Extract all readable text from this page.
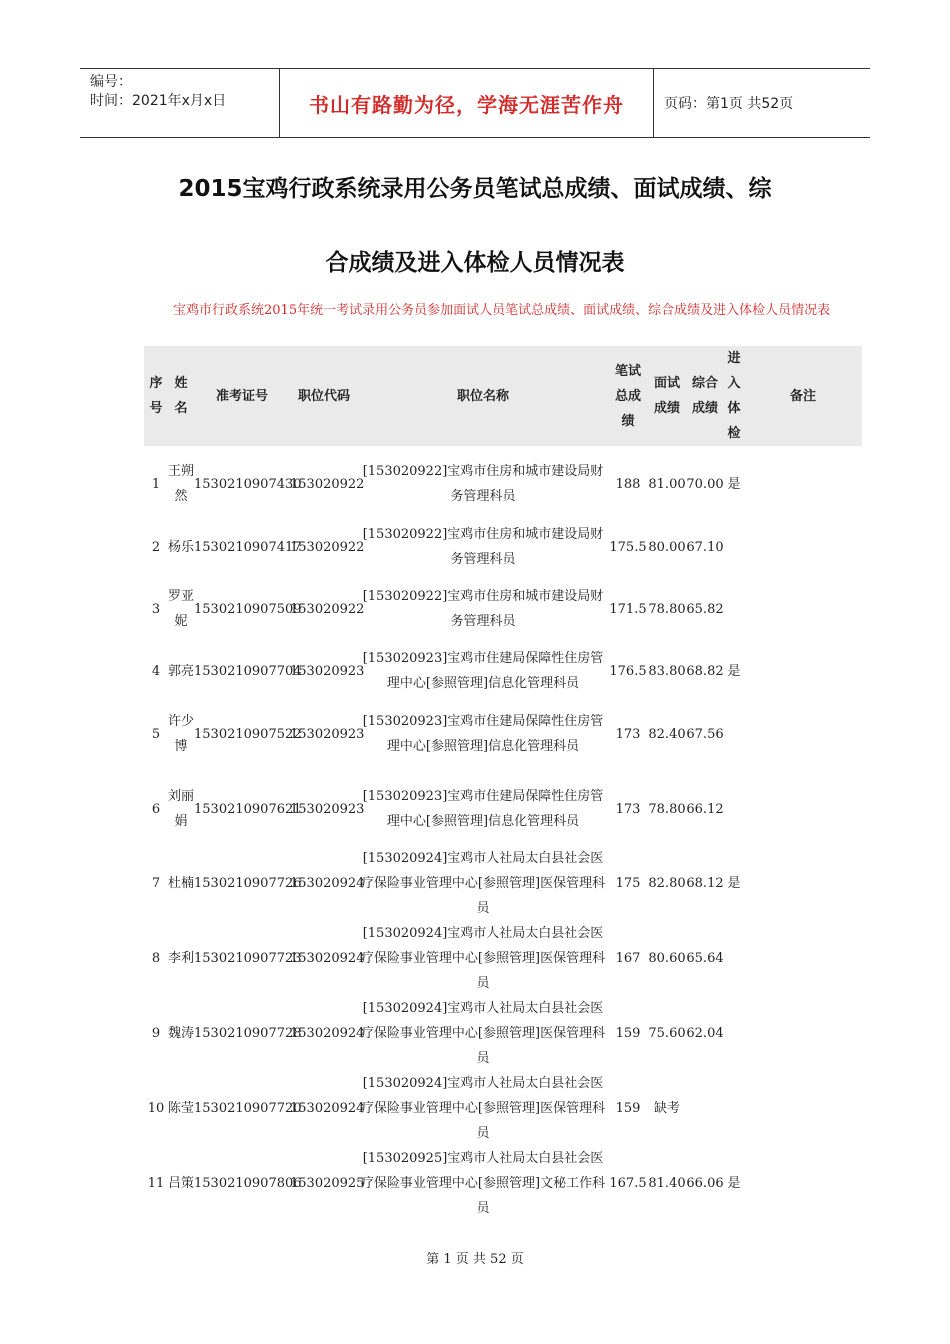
编号：
时间：2021年x月x日	书山有路勤为径，学海无涯苦作舟	页码：第1页 共52页
2015宝鸡行政系统录用公务员笔试总成绩、面试成绩、综
合成绩及进入体检人员情况表
宝鸡市行政系统2015年统一考试录用公务员参加面试人员笔试总成绩、面试成绩、综合成绩及进入体检人员情况表
序号	姓名	准考证号	职位代码	职位名称	笔试总成绩	面试成绩	综合成绩	进入体检	备注
1	王朔然	1530210907430	153020922	[153020922]宝鸡市住房和城市建设局财务管理科员	188	81.00	70.00	是	
2	杨乐	1530210907417	153020922	[153020922]宝鸡市住房和城市建设局财务管理科员	175.5	80.00	67.10		
3	罗亚妮	1530210907509	153020922	[153020922]宝鸡市住房和城市建设局财务管理科员	171.5	78.80	65.82		
4	郭亮	1530210907704	153020923	[153020923]宝鸡市住建局保障性住房管理中心[参照管理]信息化管理科员	176.5	83.80	68.82	是	
5	许少博	1530210907522	153020923	[153020923]宝鸡市住建局保障性住房管理中心[参照管理]信息化管理科员	173	82.40	67.56		
6	刘丽娟	1530210907621	153020923	[153020923]宝鸡市住建局保障性住房管理中心[参照管理]信息化管理科员	173	78.80	66.12		
7	杜楠	1530210907726	153020924	[153020924]宝鸡市人社局太白县社会医疗保险事业管理中心[参照管理]医保管理科员	175	82.80	68.12	是	
8	李利	1530210907723	153020924	[153020924]宝鸡市人社局太白县社会医疗保险事业管理中心[参照管理]医保管理科员	167	80.60	65.64		
9	魏涛	1530210907728	153020924	[153020924]宝鸡市人社局太白县社会医疗保险事业管理中心[参照管理]医保管理科员	159	75.60	62.04		
10	陈莹	1530210907720	153020924	[153020924]宝鸡市人社局太白县社会医疗保险事业管理中心[参照管理]医保管理科员	159	缺考			
11	吕策	1530210907806	153020925	[153020925]宝鸡市人社局太白县社会医疗保险事业管理中心[参照管理]文秘工作科员	167.5	81.40	66.06	是	
第 1 页 共 52 页
